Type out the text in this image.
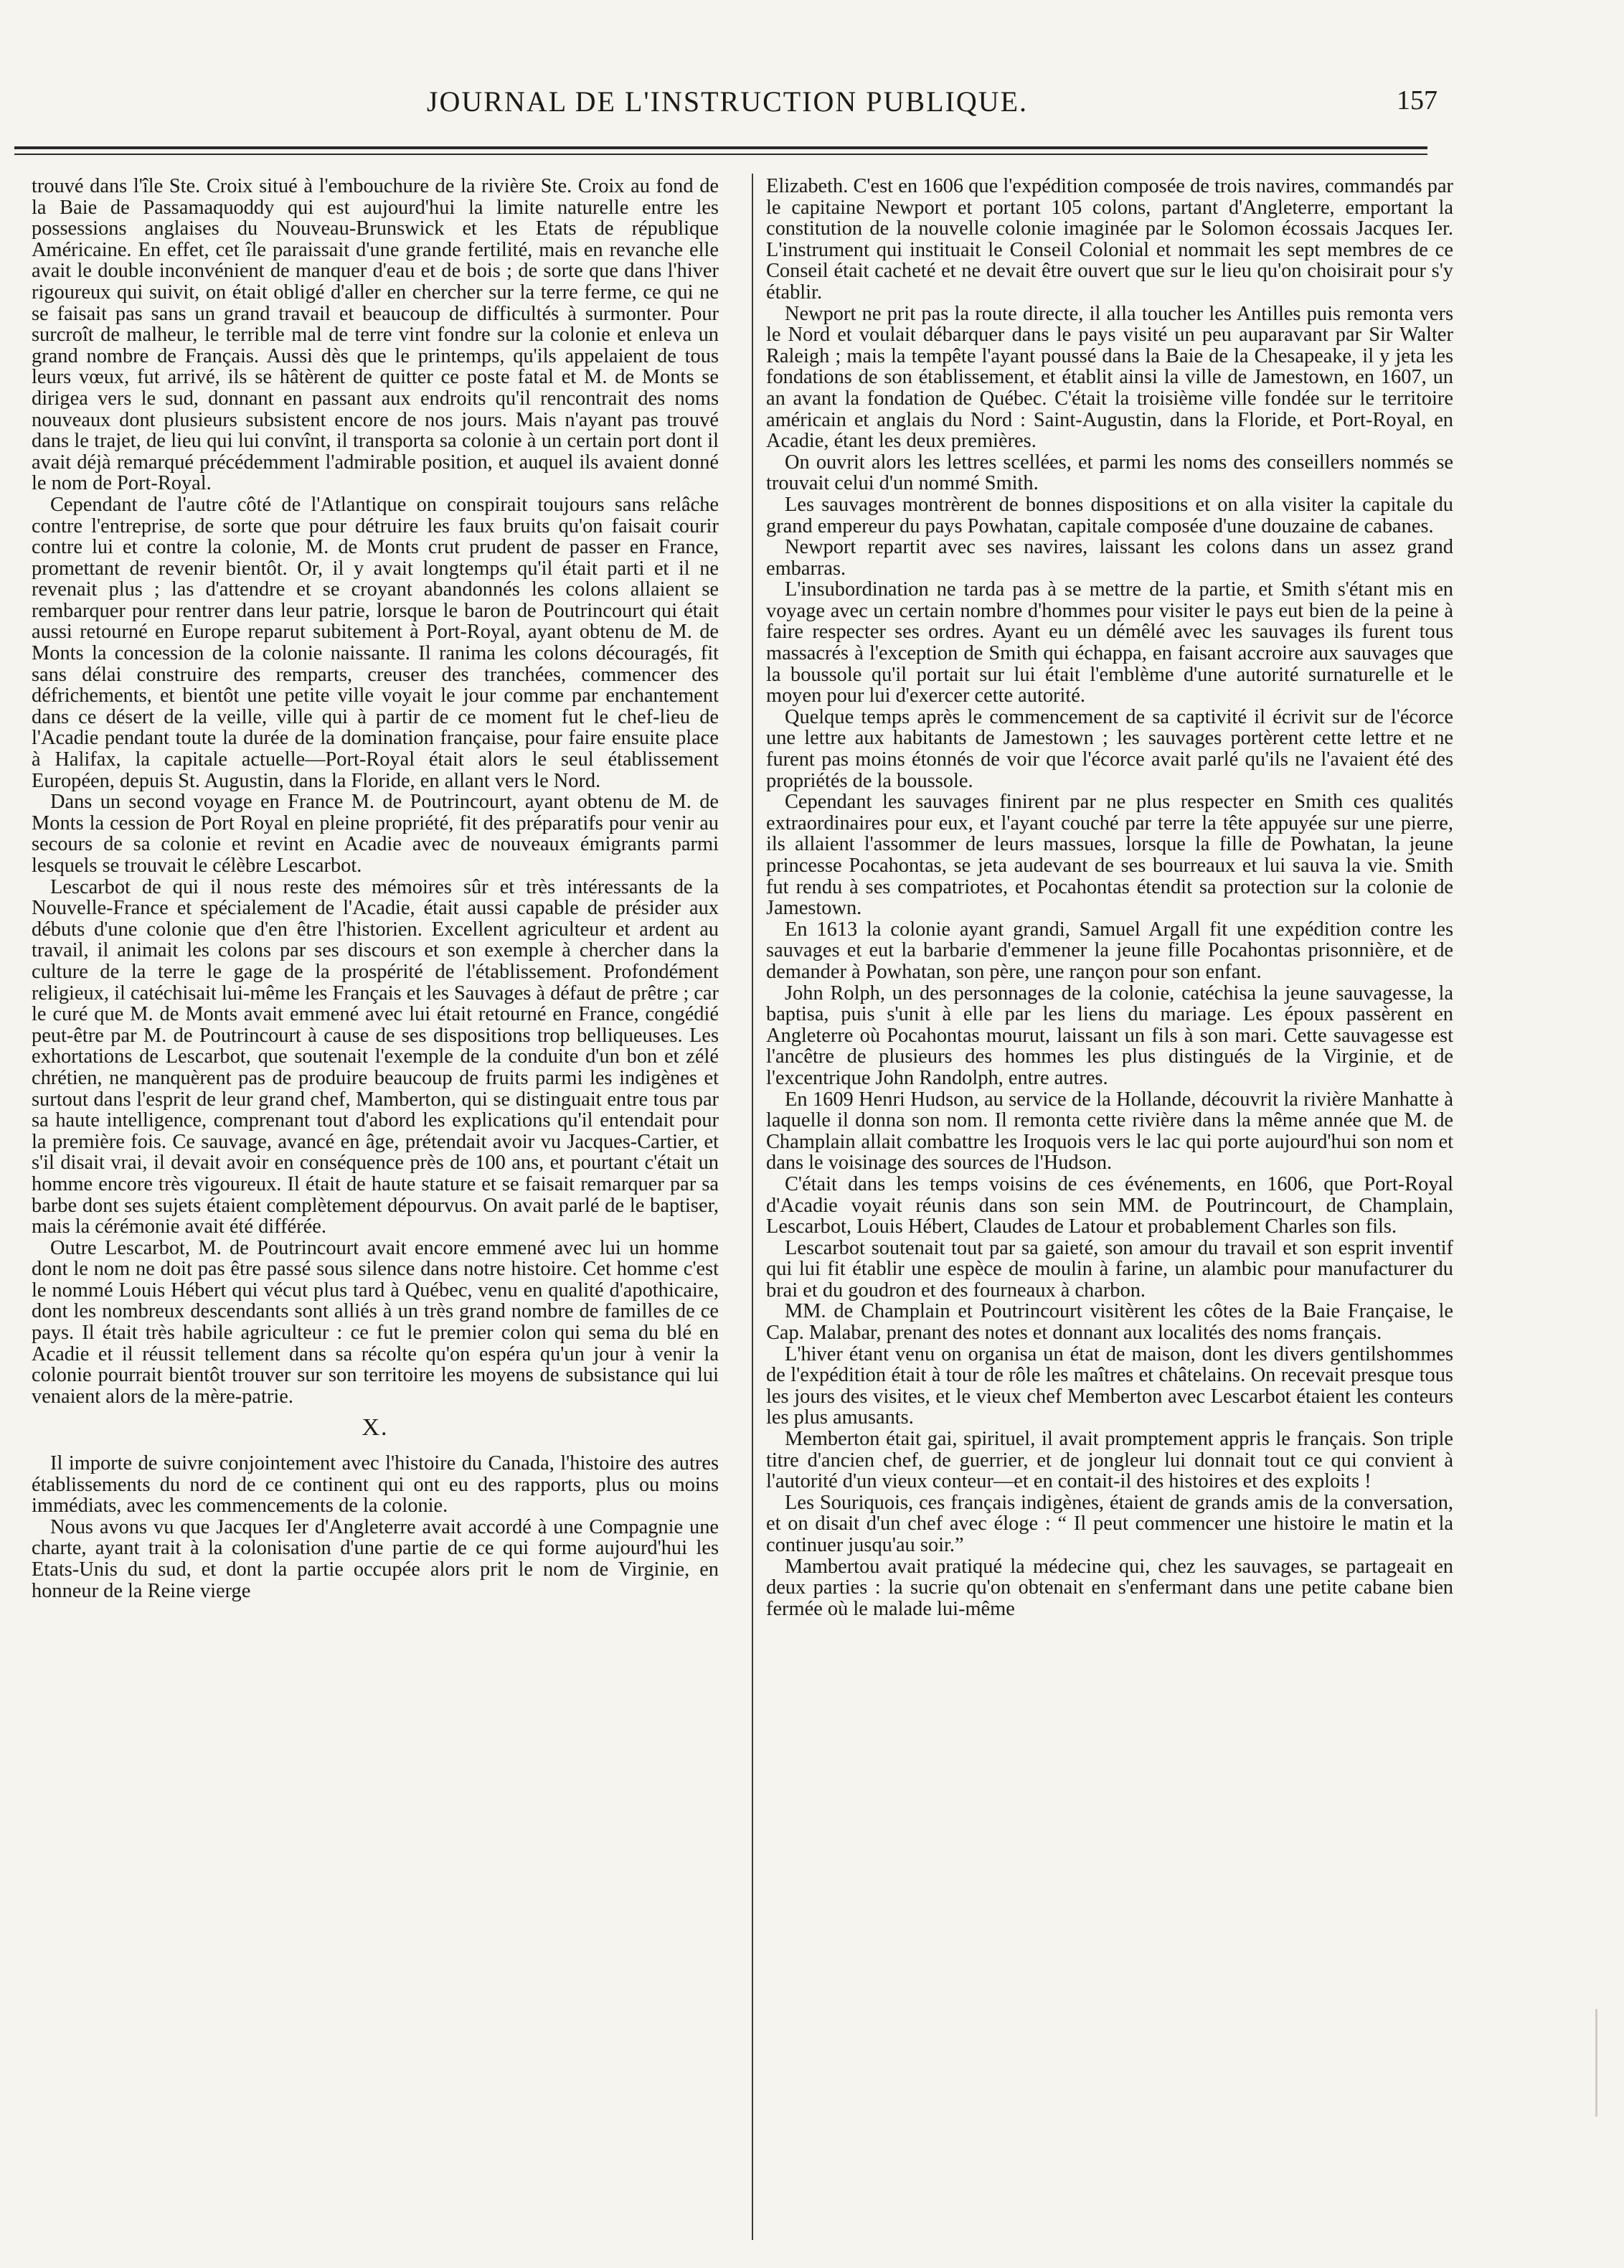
JOURNAL DE L'INSTRUCTION PUBLIQUE.	157

trouvé dans l'île Ste. Croix situé à l'embouchure de la rivière Ste. Croix au fond de la Baie de Passamaquoddy qui est aujourd'hui la limite naturelle entre les possessions anglaises du Nouveau-Brunswick et les Etats de république Américaine. En effet, cet île paraissait d'une grande fertilité, mais en revanche elle avait le double inconvénient de manquer d'eau et de bois ; de sorte que dans l'hiver rigoureux qui suivit, on était obligé d'aller en chercher sur la terre ferme, ce qui ne se faisait pas sans un grand travail et beaucoup de difficultés à surmonter. Pour surcroît de malheur, le terrible mal de terre vint fondre sur la colonie et enleva un grand nombre de Français. Aussi dès que le printemps, qu'ils appelaient de tous leurs vœux, fut arrivé, ils se hâtèrent de quitter ce poste fatal et M. de Monts se dirigea vers le sud, donnant en passant aux endroits qu'il rencontrait des noms nouveaux dont plusieurs subsistent encore de nos jours. Mais n'ayant pas trouvé dans le trajet, de lieu qui lui convînt, il transporta sa colonie à un certain port dont il avait déjà remarqué précédemment l'admirable position, et auquel ils avaient donné le nom de Port-Royal.

Cependant de l'autre côté de l'Atlantique on conspirait toujours sans relâche contre l'entreprise, de sorte que pour détruire les faux bruits qu'on faisait courir contre lui et contre la colonie, M. de Monts crut prudent de passer en France, promettant de revenir bientôt. Or, il y avait longtemps qu'il était parti et il ne revenait plus ; las d'attendre et se croyant abandonnés les colons allaient se rembarquer pour rentrer dans leur patrie, lorsque le baron de Poutrincourt qui était aussi retourné en Europe reparut subitement à Port-Royal, ayant obtenu de M. de Monts la concession de la colonie naissante. Il ranima les colons découragés, fit sans délai construire des remparts, creuser des tranchées, commencer des défrichements, et bientôt une petite ville voyait le jour comme par enchantement dans ce désert de la veille, ville qui à partir de ce moment fut le chef-lieu de l'Acadie pendant toute la durée de la domination française, pour faire ensuite place à Halifax, la capitale actuelle—Port-Royal était alors le seul établissement Européen, depuis St. Augustin, dans la Floride, en allant vers le Nord.

Dans un second voyage en France M. de Poutrincourt, ayant obtenu de M. de Monts la cession de Port Royal en pleine propriété, fit des préparatifs pour venir au secours de sa colonie et revint en Acadie avec de nouveaux émigrants parmi lesquels se trouvait le célèbre Lescarbot.

Lescarbot de qui il nous reste des mémoires sûr et très intéressants de la Nouvelle-France et spécialement de l'Acadie, était aussi capable de présider aux débuts d'une colonie que d'en être l'historien. Excellent agriculteur et ardent au travail, il animait les colons par ses discours et son exemple à chercher dans la culture de la terre le gage de la prospérité de l'établissement. Profondément religieux, il catéchisait lui-même les Français et les Sauvages à défaut de prêtre ; car le curé que M. de Monts avait emmené avec lui était retourné en France, congédié peut-être par M. de Poutrincourt à cause de ses dispositions trop belliqueuses. Les exhortations de Lescarbot, que soutenait l'exemple de la conduite d'un bon et zélé chrétien, ne manquèrent pas de produire beaucoup de fruits parmi les indigènes et surtout dans l'esprit de leur grand chef, Mamberton, qui se distinguait entre tous par sa haute intelligence, comprenant tout d'abord les explications qu'il entendait pour la première fois. Ce sauvage, avancé en âge, prétendait avoir vu Jacques-Cartier, et s'il disait vrai, il devait avoir en conséquence près de 100 ans, et pourtant c'était un homme encore très vigoureux. Il était de haute stature et se faisait remarquer par sa barbe dont ses sujets étaient complètement dépourvus. On avait parlé de le baptiser, mais la cérémonie avait été différée.

Outre Lescarbot, M. de Poutrincourt avait encore emmené avec lui un homme dont le nom ne doit pas être passé sous silence dans notre histoire. Cet homme c'est le nommé Louis Hébert qui vécut plus tard à Québec, venu en qualité d'apothicaire, dont les nombreux descendants sont alliés à un très grand nombre de familles de ce pays. Il était très habile agriculteur : ce fut le premier colon qui sema du blé en Acadie et il réussit tellement dans sa récolte qu'on espéra qu'un jour à venir la colonie pourrait bientôt trouver sur son territoire les moyens de subsistance qui lui venaient alors de la mère-patrie.

X.

Il importe de suivre conjointement avec l'histoire du Canada, l'histoire des autres établissements du nord de ce continent qui ont eu des rapports, plus ou moins immédiats, avec les commencements de la colonie.

Nous avons vu que Jacques Ier d'Angleterre avait accordé à une Compagnie une charte, ayant trait à la colonisation d'une partie de ce qui forme aujourd'hui les Etats-Unis du sud, et dont la partie occupée alors prit le nom de Virginie, en honneur de la Reine vierge

Elizabeth. C'est en 1606 que l'expédition composée de trois navires, commandés par le capitaine Newport et portant 105 colons, partant d'Angleterre, emportant la constitution de la nouvelle colonie imaginée par le Solomon écossais Jacques Ier. L'instrument qui instituait le Conseil Colonial et nommait les sept membres de ce Conseil était cacheté et ne devait être ouvert que sur le lieu qu'on choisirait pour s'y établir.

Newport ne prit pas la route directe, il alla toucher les Antilles puis remonta vers le Nord et voulait débarquer dans le pays visité un peu auparavant par Sir Walter Raleigh ; mais la tempête l'ayant poussé dans la Baie de la Chesapeake, il y jeta les fondations de son établissement, et établit ainsi la ville de Jamestown, en 1607, un an avant la fondation de Québec. C'était la troisième ville fondée sur le territoire américain et anglais du Nord : Saint-Augustin, dans la Floride, et Port-Royal, en Acadie, étant les deux premières.

On ouvrit alors les lettres scellées, et parmi les noms des conseillers nommés se trouvait celui d'un nommé Smith.

Les sauvages montrèrent de bonnes dispositions et on alla visiter la capitale du grand empereur du pays Powhatan, capitale composée d'une douzaine de cabanes.

Newport repartit avec ses navires, laissant les colons dans un assez grand embarras.

L'insubordination ne tarda pas à se mettre de la partie, et Smith s'étant mis en voyage avec un certain nombre d'hommes pour visiter le pays eut bien de la peine à faire respecter ses ordres. Ayant eu un démêlé avec les sauvages ils furent tous massacrés à l'exception de Smith qui échappa, en faisant accroire aux sauvages que la boussole qu'il portait sur lui était l'emblème d'une autorité surnaturelle et le moyen pour lui d'exercer cette autorité.

Quelque temps après le commencement de sa captivité il écrivit sur de l'écorce une lettre aux habitants de Jamestown ; les sauvages portèrent cette lettre et ne furent pas moins étonnés de voir que l'écorce avait parlé qu'ils ne l'avaient été des propriétés de la boussole.

Cependant les sauvages finirent par ne plus respecter en Smith ces qualités extraordinaires pour eux, et l'ayant couché par terre la tête appuyée sur une pierre, ils allaient l'assommer de leurs massues, lorsque la fille de Powhatan, la jeune princesse Pocahontas, se jeta audevant de ses bourreaux et lui sauva la vie. Smith fut rendu à ses compatriotes, et Pocahontas étendit sa protection sur la colonie de Jamestown.

En 1613 la colonie ayant grandi, Samuel Argall fit une expédition contre les sauvages et eut la barbarie d'emmener la jeune fille Pocahontas prisonnière, et de demander à Powhatan, son père, une rançon pour son enfant.

John Rolph, un des personnages de la colonie, catéchisa la jeune sauvagesse, la baptisa, puis s'unit à elle par les liens du mariage. Les époux passèrent en Angleterre où Pocahontas mourut, laissant un fils à son mari. Cette sauvagesse est l'ancêtre de plusieurs des hommes les plus distingués de la Virginie, et de l'excentrique John Randolph, entre autres.

En 1609 Henri Hudson, au service de la Hollande, découvrit la rivière Manhatte à laquelle il donna son nom. Il remonta cette rivière dans la même année que M. de Champlain allait combattre les Iroquois vers le lac qui porte aujourd'hui son nom et dans le voisinage des sources de l'Hudson.

C'était dans les temps voisins de ces événements, en 1606, que Port-Royal d'Acadie voyait réunis dans son sein MM. de Poutrincourt, de Champlain, Lescarbot, Louis Hébert, Claudes de Latour et probablement Charles son fils.

Lescarbot soutenait tout par sa gaieté, son amour du travail et son esprit inventif qui lui fit établir une espèce de moulin à farine, un alambic pour manufacturer du brai et du goudron et des fourneaux à charbon.

MM. de Champlain et Poutrincourt visitèrent les côtes de la Baie Française, le Cap. Malabar, prenant des notes et donnant aux localités des noms français.

L'hiver étant venu on organisa un état de maison, dont les divers gentilshommes de l'expédition était à tour de rôle les maîtres et châtelains. On recevait presque tous les jours des visites, et le vieux chef Memberton avec Lescarbot étaient les conteurs les plus amusants.

Memberton était gai, spirituel, il avait promptement appris le français. Son triple titre d'ancien chef, de guerrier, et de jongleur lui donnait tout ce qui convient à l'autorité d'un vieux conteur—et en contait-il des histoires et des exploits !

Les Souriquois, ces français indigènes, étaient de grands amis de la conversation, et on disait d'un chef avec éloge : “ Il peut commencer une histoire le matin et la continuer jusqu'au soir.”

Mambertou avait pratiqué la médecine qui, chez les sauvages, se partageait en deux parties : la sucrie qu'on obtenait en s'enfermant dans une petite cabane bien fermée où le malade lui-même
